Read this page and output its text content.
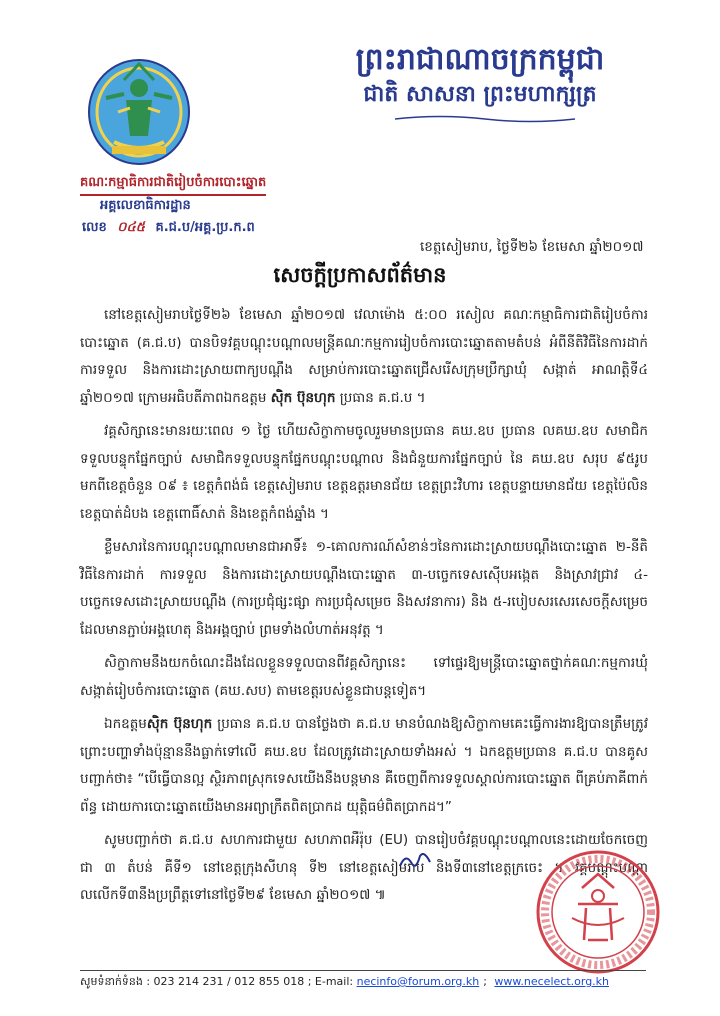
ព្រះរាជាណាចក្រកម្ពុជា
ជាតិ សាសនា ព្រះមហាក្សត្រ
គណៈកម្មាធិការជាតិរៀបចំការបោះឆ្នោត
អគ្គលេខាធិការដ្ឋាន
លេខ ០៤៥ គ.ជ.ប/អគ្គ.ប្រ.ក.ព
ខេត្តសៀមរាប, ថ្ងៃទី២៦ ខែមេសា ឆ្នាំ២០១៧
សេចក្តីប្រកាសព័ត៌មាន

នៅខេត្តសៀមរាបថ្ងៃទី២៦ ខែមេសា ឆ្នាំ២០១៧ វេលាម៉ោង ៥:០០ រសៀល គណៈកម្មាធិការជាតិរៀបចំការបោះឆ្នោត (គ.ជ.ប) បានបិទវគ្គបណ្តុះបណ្តាលមន្ត្រីគណៈកម្មការរៀបចំការបោះឆ្នោតតាមតំបន់ អំពីនីតិវិធីនៃការដាក់ ការទទួល និងការដោះស្រាយពាក្យបណ្តឹង សម្រាប់ការបោះឆ្នោតជ្រើសរើសក្រុមប្រឹក្សាឃុំ សង្កាត់ អាណត្តិទី៤ ឆ្នាំ២០១៧ ក្រោមអធិបតីភាពឯកឧត្តម ស៊ិក ប៊ុនហុក ប្រធាន គ.ជ.ប ។

វគ្គសិក្សានេះមានរយៈពេល ១ ថ្ងៃ ហើយសិក្ខាកាមចូលរួមមានប្រធាន គឃ.ឧប ប្រធាន លគឃ.ឧប សមាជិកទទួលបន្ទុកផ្នែកច្បាប់ សមាជិកទទួលបន្ទុកផ្នែកបណ្តុះបណ្តាល និងជំនួយការផ្នែកច្បាប់ នៃ គឃ.ឧប សរុប ៩៥រូប មកពីខេត្តចំនួន ០៩ ៖ ខេត្តកំពង់ធំ ខេត្តសៀមរាប ខេត្តឧត្តរមានជ័យ ខេត្តព្រះវិហារ ខេត្តបន្ទាយមានជ័យ ខេត្តប៉ៃលិន ខេត្តបាត់ដំបង ខេត្តពោធិ៍សាត់ និងខេត្តកំពង់ឆ្នាំង ។

ខ្លឹមសារនៃការបណ្តុះបណ្តាលមានជាអាទិ៍៖ ១-គោលការណ៍សំខាន់ៗនៃការដោះស្រាយបណ្តឹងបោះឆ្នោត ២-នីតិវិធីនៃការដាក់ ការទទួល និងការដោះស្រាយបណ្តឹងបោះឆ្នោត ៣-បច្ចេកទេសស៊ើបអង្កេត និងស្រាវជ្រាវ ៤-បច្ចេកទេសដោះស្រាយបណ្តឹង (ការប្រជុំផ្សះផ្សា ការប្រជុំសម្រេច និងសវនាការ) និង ៥-របៀបសរសេរសេចក្តីសម្រេច ដែលមានភ្ជាប់អង្គហេតុ និងអង្គច្បាប់ ព្រមទាំងលំហាត់អនុវត្ត ។

សិក្ខាកាមនឹងយកចំណេះដឹងដែលខ្លួនទទួលបានពីវគ្គសិក្សានេះ ទៅផ្ទេរឱ្យមន្ត្រីបោះឆ្នោតថ្នាក់គណៈកម្មការឃុំ សង្កាត់រៀបចំការបោះឆ្នោត (គឃ.សប) តាមខេត្តរបស់ខ្លួនជាបន្តទៀត។

ឯកឧត្តមស៊ិក ប៊ុនហុក ប្រធាន គ.ជ.ប បានថ្លែងថា គ.ជ.ប មានបំណងឱ្យសិក្ខាកាមគេះធ្វើការងារឱ្យបានត្រឹមត្រូវព្រោះបញ្ហាទាំងប៉ុន្មាននឹងធ្លាក់ទៅលើ គឃ.ឧប ដែលត្រូវដោះស្រាយទាំងអស់ ។ ឯកឧត្តមប្រធាន គ.ជ.ប បានគូសបញ្ជាក់ថា៖ “បើធ្វើបានល្អ ស្ថិរភាពស្រុកទេសយើងនឹងបន្តមាន គឺចេញពីការទទួលស្គាល់ការបោះឆ្នោត ពីគ្រប់ភាគីពាក់ព័ន្ធ ដោយការបោះឆ្នោតយើងមានអព្យាក្រឹតពិតប្រាកដ យុត្តិធម៌ពិតប្រាកដ។”

សូមបញ្ជាក់ថា គ.ជ.ប សហការជាមួយ សហភាពអឺរ៉ុប (EU) បានរៀបចំវគ្គបណ្តុះបណ្តាលនេះដោយចែកចេញជា ៣ តំបន់ គឺទី១ នៅខេត្តក្រុងសីហនុ ទី២ នៅខេត្តសៀមរាប និងទី៣នៅខេត្តក្រចេះ ។ វគ្គបណ្តុះបណ្តាលលើកទី៣នឹងប្រព្រឹត្តទៅនៅថ្ងៃទី២៩ ខែមេសា ឆ្នាំ២០១៧ ៕

សូមទំនាក់ទំនង : 023 214 231 / 012 855 018 ; E-mail: necinfo@forum.org.kh ; www.necelect.org.kh
